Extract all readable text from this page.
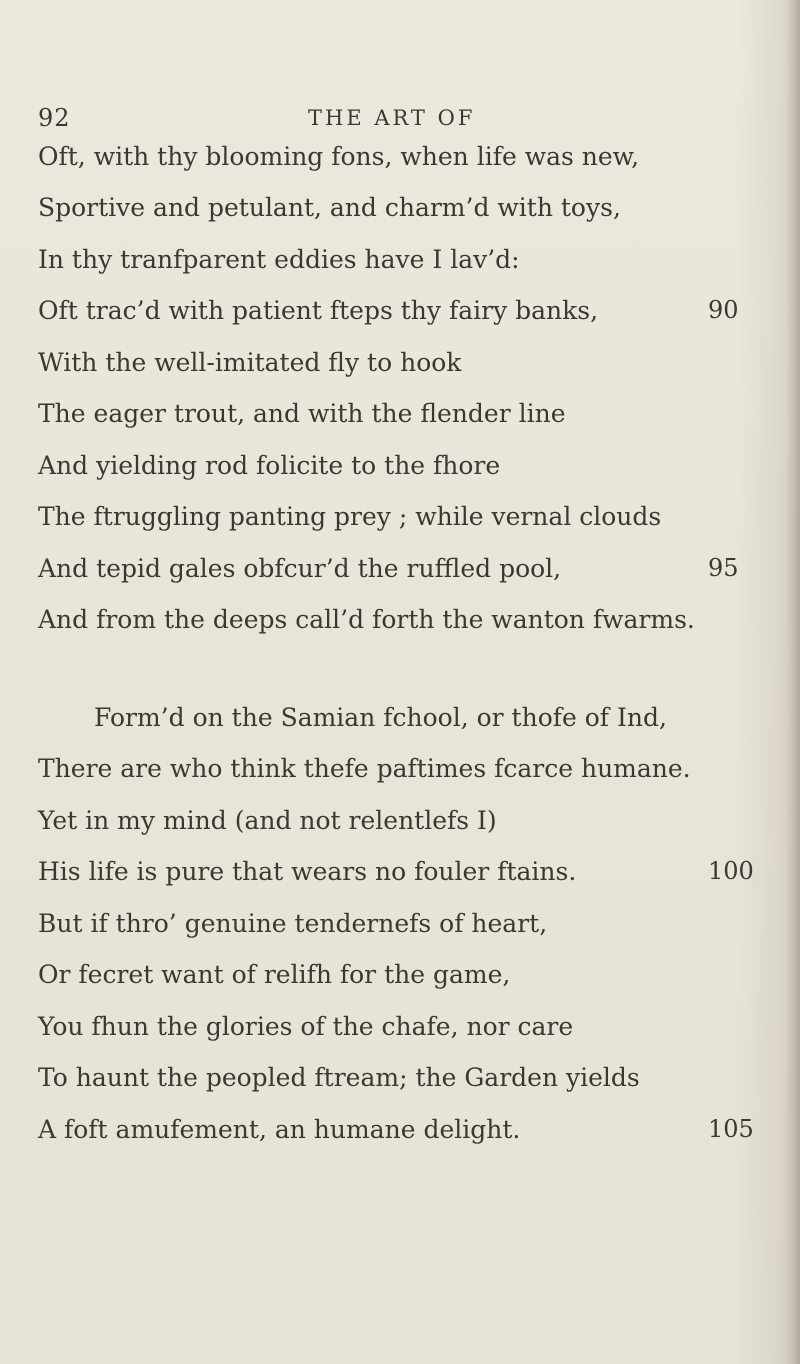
92	THE ART OF
Oft, with thy blooming fons, when life was new,
Sportive and petulant, and charm’d with toys,
In thy tranfparent eddies have I lav’d:
Oft trac’d with patient fteps thy fairy banks,	90
With the well-imitated fly to hook
The eager trout, and with the flender line
And yielding rod folicite to the fhore
The ftruggling panting prey ; while vernal clouds
And tepid gales obfcur’d the ruffled pool,	95
And from the deeps call’d forth the wanton fwarms.
Form’d on the Samian fchool, or thofe of Ind,
There are who think thefe paftimes fcarce humane.
Yet in my mind (and not relentlefs I)
His life is pure that wears no fouler ftains.	100
But if thro’ genuine tendernefs of heart,
Or fecret want of relifh for the game,
You fhun the glories of the chafe, nor care
To haunt the peopled ftream; the Garden yields
A foft amufement, an humane delight.	105
